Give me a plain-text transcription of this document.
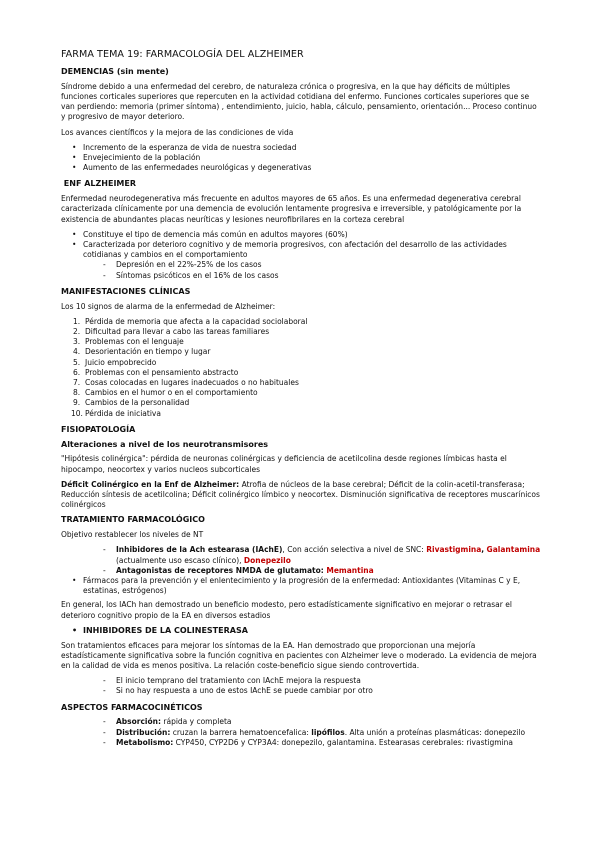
FARMA TEMA 19: FARMACOLOGÍA DEL ALZHEIMER
DEMENCIAS (sin mente)

Síndrome debido a una enfermedad del cerebro, de naturaleza crónica o progresiva, en la que hay déficits de múltiples funciones corticales superiores que repercuten en la actividad cotidiana del enfermo. Funciones corticales superiores que se van perdiendo: memoria (primer síntoma) , entendimiento, juicio, habla, cálculo, pensamiento, orientación... Proceso continuo y progresivo de mayor deterioro.

Los avances científicos y la mejora de las condiciones de vida

• Incremento de la esperanza de vida de nuestra sociedad
• Envejecimiento de la población
• Aumento de las enfermedades neurológicas y degenerativas
ENF ALZHEIMER

Enfermedad neurodegenerativa más frecuente en adultos mayores de 65 años. Es una enfermedad degenerativa cerebral caracterizada clínicamente por una demencia de evolución lentamente progresiva e irreversible, y patológicamente por la existencia de abundantes placas neuríticas y lesiones neurofibrilares en la corteza cerebral

• Constituye el tipo de demencia más común en adultos mayores (60%)
• Caracterizada por deterioro cognitivo y de memoria progresivos, con afectación del desarrollo de las actividades cotidianas y cambios en el comportamiento
- Depresión en el 22%-25% de los casos
- Síntomas psicóticos en el 16% de los casos
MANIFESTACIONES CLÍNICAS

Los 10 signos de alarma de la enfermedad de Alzheimer:

1. Pérdida de memoria que afecta a la capacidad sociolaboral
2. Dificultad para llevar a cabo las tareas familiares
3. Problemas con el lenguaje
4. Desorientación en tiempo y lugar
5. Juicio empobrecido
6. Problemas con el pensamiento abstracto
7. Cosas colocadas en lugares inadecuados o no habituales
8. Cambios en el humor o en el comportamiento
9. Cambios de la personalidad
10. Pérdida de iniciativa
FISIOPATOLOGÍA
Alteraciones a nivel de los neurotransmisores

"Hipótesis colinérgica": pérdida de neuronas colinérgicas y deficiencia de acetilcolina desde regiones límbicas hasta el hipocampo, neocortex y varios nucleos subcorticales

Déficit Colinérgico en la Enf de Alzheimer: Atrofia de núcleos de la base cerebral; Déficit de la colin-acetil-transferasa; Reducción síntesis de acetilcolina; Déficit colinérgico límbico y neocortex. Disminución significativa de receptores muscarínicos colinérgicos

TRATAMIENTO FARMACOLÓGICO

Objetivo restablecer los niveles de NT

- Inhibidores de la Ach estearasa (IAchE), Con acción selectiva a nivel de SNC: Rivastigmina, Galantamina (actualmente uso escaso clínico), Donepezilo
- Antagonistas de receptores NMDA de glutamato: Memantina
• Fármacos para la prevención y el enlentecimiento y la progresión de la enfermedad: Antioxidantes (Vitaminas C y E, estatinas, estrógenos)

En general, los IACh han demostrado un beneficio modesto, pero estadísticamente significativo en mejorar o retrasar el deterioro cognitivo propio de la EA en diversos estadios

• INHIBIDORES DE LA COLINESTERASA

Son tratamientos eficaces para mejorar los síntomas de la EA. Han demostrado que proporcionan una mejoría estadísticamente significativa sobre la función cognitiva en pacientes con Alzheimer leve o moderado. La evidencia de mejora en la calidad de vida es menos positiva. La relación coste-beneficio sigue siendo controvertida.

- El inicio temprano del tratamiento con IAchE mejora la respuesta
- Si no hay respuesta a uno de estos IAchE se puede cambiar por otro
ASPECTOS FARMACOCINÉTICOS
- Absorción: rápida y completa
- Distribución: cruzan la barrera hematoencefalica: lipófilos. Alta unión a proteínas plasmáticas: donepezilo
- Metabolismo: CYP450, CYP2D6 y CYP3A4: donepezilo, galantamina. Estearasas cerebrales: rivastigmina
